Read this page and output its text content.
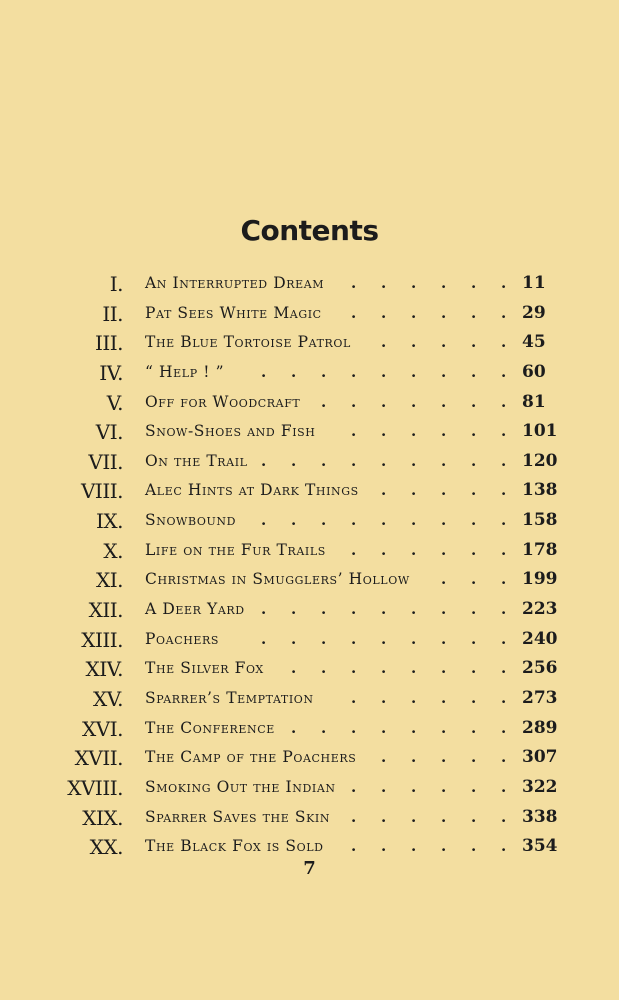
Contents
I. An Interrupted Dream . . . . . . 11
II. Pat Sees White Magic . . . . . . 29
III. The Blue Tortoise Patrol . . . . . 45
IV. “ Help ! ” . . . . . . . . . 60
V. Off for Woodcraft . . . . . . . 81
VI. Snow-Shoes and Fish . . . . . . 101
VII. On the Trail . . . . . . . . . 120
VIII. Alec Hints at Dark Things . . . . . 138
IX. Snowbound . . . . . . . . . 158
X. Life on the Fur Trails . . . . . . 178
XI. Christmas in Smugglers’ Hollow . . . 199
XII. A Deer Yard . . . . . . . . . 223
XIII. Poachers	. . . . . . . . . 240
XIV. The Silver Fox . . . . . . . . 256
XV. Sparrer’s Temptation . . . . . . 273
XVI. The Conference . . . . . . . . 289
XVII. The Camp of the Poachers . . . . . 307
XVIII. Smoking Out the Indian . . . . . . 322
XIX. Sparrer Saves the Skin . . . . . . 338
XX. The Black Fox is Sold . . . . . . 354
7
